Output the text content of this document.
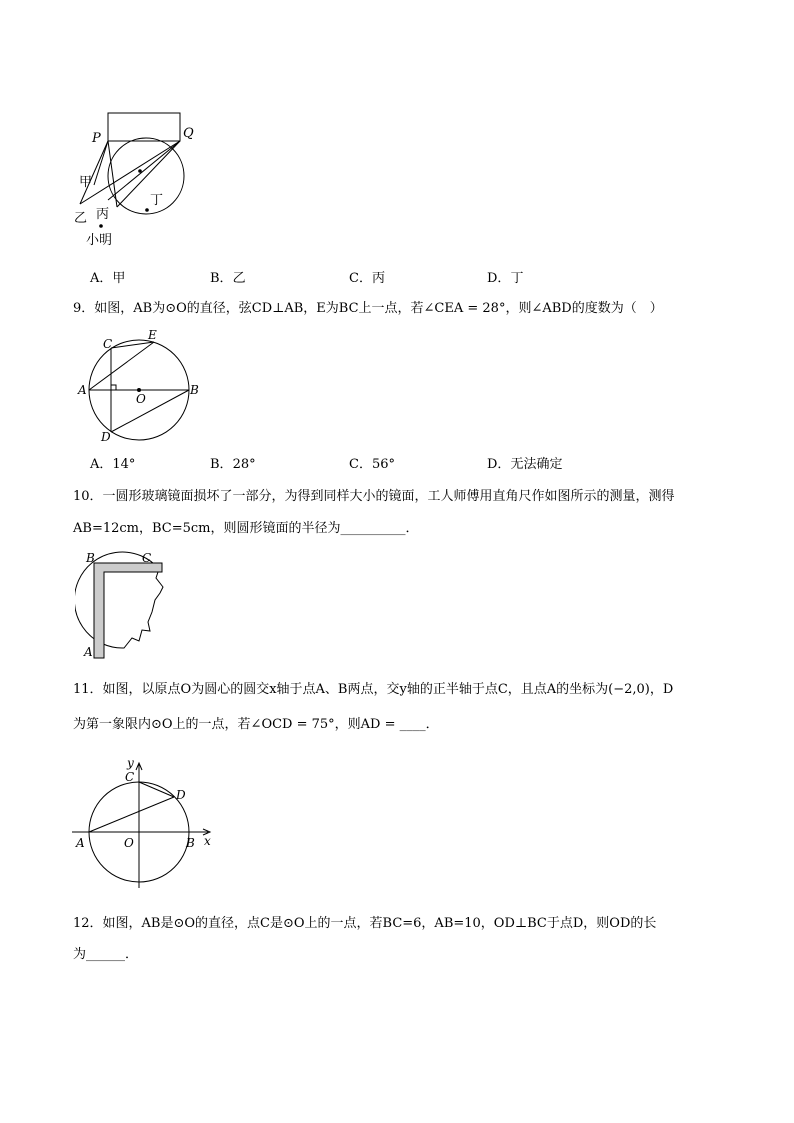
P	Q
甲
乙 丙
丁
小明
A．甲	B．乙	C．丙	D．丁
9．如图，AB为⊙O的直径，弦CD⊥AB，E为BC上一点，若∠CEA = 28°，则∠ABD的度数为（　）
A	B
C
D
E
O
A．14°	B．28°	C．56°	D．无法确定
10．一圆形玻璃镜面损坏了一部分，为得到同样大小的镜面，工人师傅用直角尺作如图所示的测量，测得
AB=12cm，BC=5cm，则圆形镜面的半径为__________．
B	C
A
11．如图，以原点O为圆心的圆交x轴于点A、B两点，交y轴的正半轴于点C，且点A的坐标为(−2,0)，D
为第一象限内⊙O上的一点，若∠OCD = 75°，则AD = ____．
y
C
D
A	O	B x
12．如图，AB是⊙O的直径，点C是⊙O上的一点，若BC=6，AB=10，OD⊥BC于点D，则OD的长
为______．
